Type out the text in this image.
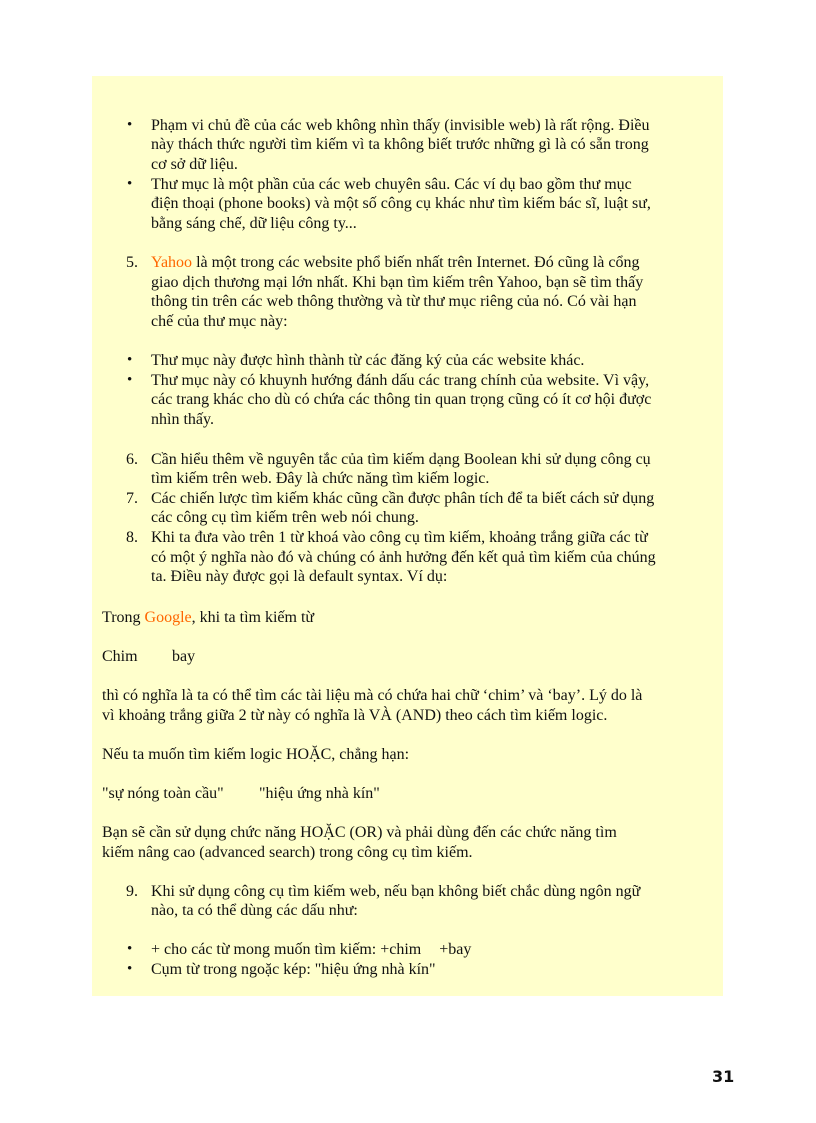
• Phạm vi chủ đề của các web không nhìn thấy (invisible web) là rất rộng. Điều
này thách thức người tìm kiếm vì ta không biết trước những gì là có sẵn trong
cơ sở dữ liệu.
• Thư mục là một phần của các web chuyên sâu. Các ví dụ bao gồm thư mục
điện thoại (phone books) và một số công cụ khác như tìm kiếm bác sĩ, luật sư,
bằng sáng chế, dữ liệu công ty...
5. Yahoo là một trong các website phổ biến nhất trên Internet. Đó cũng là cổng
giao dịch thương mại lớn nhất. Khi bạn tìm kiếm trên Yahoo, bạn sẽ tìm thấy
thông tin trên các web thông thường và từ thư mục riêng của nó. Có vài hạn
chế của thư mục này:
• Thư mục này được hình thành từ các đăng ký của các website khác.
• Thư mục này có khuynh hướng đánh dấu các trang chính của website. Vì vậy,
các trang khác cho dù có chứa các thông tin quan trọng cũng có ít cơ hội được
nhìn thấy.
6. Cần hiểu thêm về nguyên tắc của tìm kiếm dạng Boolean khi sử dụng công cụ
tìm kiếm trên web. Đây là chức năng tìm kiếm logic.
7. Các chiến lược tìm kiếm khác cũng cần được phân tích để ta biết cách sử dụng
các công cụ tìm kiếm trên web nói chung.
8. Khi ta đưa vào trên 1 từ khoá vào công cụ tìm kiếm, khoảng trắng giữa các từ
có một ý nghĩa nào đó và chúng có ảnh hưởng đến kết quả tìm kiếm của chúng
ta. Điều này được gọi là default syntax. Ví dụ:
Trong Google, khi ta tìm kiếm từ
Chim bay
thì có nghĩa là ta có thể tìm các tài liệu mà có chứa hai chữ ‘chim’ và ‘bay’. Lý do là
vì khoảng trắng giữa 2 từ này có nghĩa là VÀ (AND) theo cách tìm kiếm logic.
Nếu ta muốn tìm kiếm logic HOẶC, chẳng hạn:
"sự nóng toàn cầu" "hiệu ứng nhà kín"
Bạn sẽ cần sử dụng chức năng HOẶC (OR) và phải dùng đến các chức năng tìm
kiếm nâng cao (advanced search) trong công cụ tìm kiếm.
9. Khi sử dụng công cụ tìm kiếm web, nếu bạn không biết chắc dùng ngôn ngữ
nào, ta có thể dùng các dấu như:
• + cho các từ mong muốn tìm kiếm: +chim +bay
• Cụm từ trong ngoặc kép: "hiệu ứng nhà kín"
31
